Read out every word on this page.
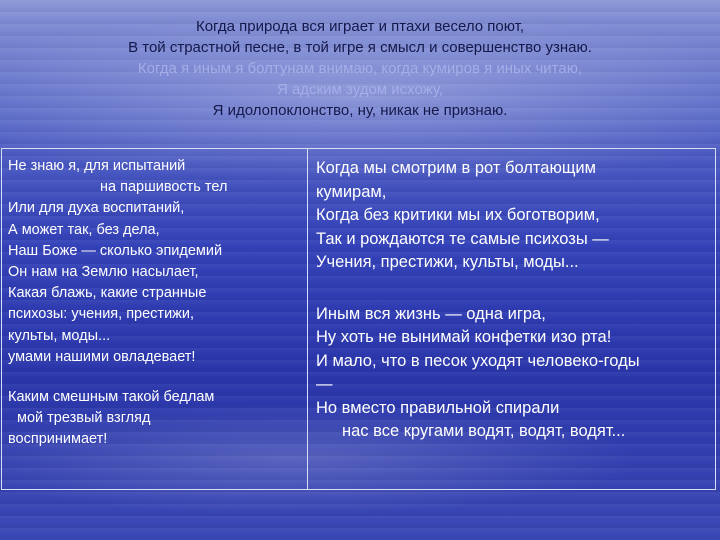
Когда природа вся играет и птахи весело поют,
В той страстной песне, в той игре я смысл и совершенство узнаю.
Когда я иным я болтунам внимаю, когда кумиров я иных читаю,
Я адским зудом исхожу,
Я идолопоклонство, ну, никак не признаю.
Не знаю я, для испытаний
на паршивость тел
Или для духа воспитаний,
А может так, без дела,
Наш Боже — сколько эпидемий
Он нам на Землю насылает,
Какая блажь, какие странные
психозы: учения, престижи,
культы, моды...
умами нашими овладевает!
Каким смешным такой бедлам
мой трезвый взгляд
воспринимает!
Когда мы смотрим в рот болтающим
кумирам,
Когда без критики мы их боготворим,
Так и рождаются те самые психозы —
Учения, престижи, культы, моды...
Иным вся жизнь — одна игра,
Ну хоть не вынимай конфетки изо рта!
И мало, что в песок уходят человеко-годы
—
Но вместо правильной спирали
нас все кругами водят, водят, водят...
